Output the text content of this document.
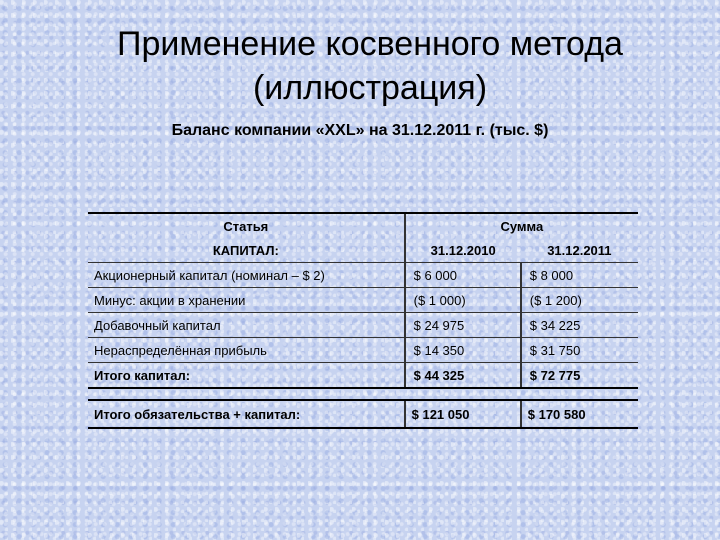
Применение косвенного метода
(иллюстрация)
Баланс компании «XXL» на 31.12.2011 г. (тыс. $)
Статья	Сумма	
КАПИТАЛ:	31.12.2010	31.12.2011
Акционерный капитал (номинал – $ 2)	$ 6 000	$ 8 000
Минус: акции в хранении	($ 1 000)	($ 1 200)
Добавочный капитал	$ 24 975	$ 34 225
Нераспределённая прибыль	$ 14 350	$ 31 750
Итого капитал:	$ 44 325	$ 72 775

Итого обязательства + капитал:	$ 121 050	$ 170 580
